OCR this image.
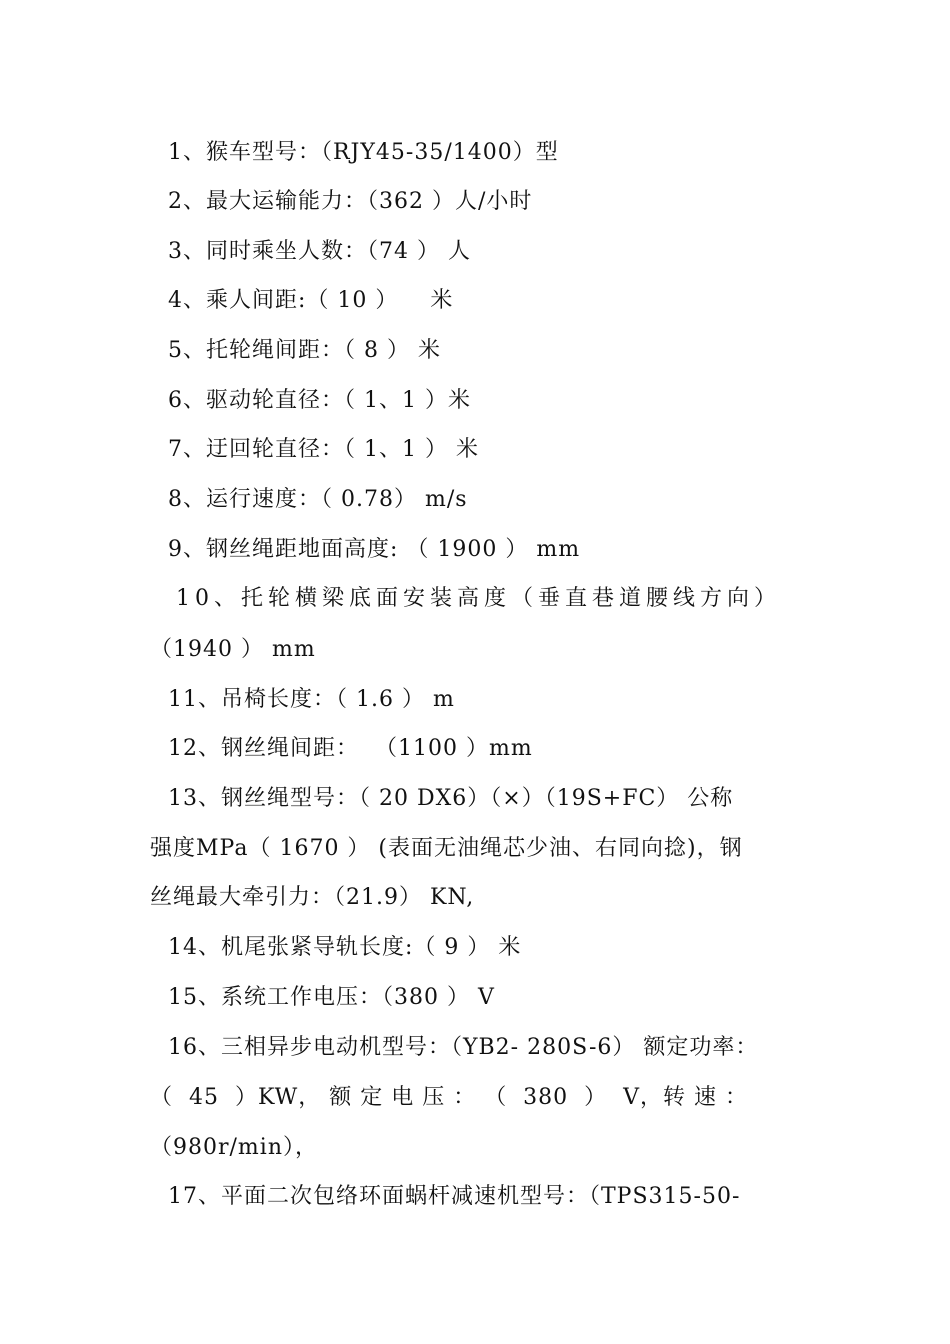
1、猴车型号：（RJY45-35/1400）型
2、最大运输能力：（362 ）人/小时
3、同时乘坐人数：（74 ） 人
4、乘人间距:（ 10 ）    米
5、托轮绳间距：（ 8 ） 米
6、驱动轮直径：（ 1、1 ）米
7、迂回轮直径：（ 1、1 ） 米
8、运行速度：（ 0.78） m/s
9、钢丝绳距地面高度: （ 1900 ） mm
10、托轮横梁底面安装高度（垂直巷道腰线方向）
（1940 ） mm
11、吊椅长度：（ 1.6 ） m
12、钢丝绳间距：  （1100 ）mm
13、钢丝绳型号：（ 20 DX6）（×）（19S+FC） 公称
强度MPa（ 1670 ） (表面无油绳芯少油、右同向捻)，钢
丝绳最大牵引力：（21.9） KN,
14、机尾张紧导轨长度:（ 9 ） 米
15、系统工作电压：（380 ） V
16、三相异步电动机型号：（YB2- 280S-6） 额定功率：
（  45  ）KW， 额 定 电 压 ： （  380  ）  V，转 速 ：
（980r/min），
17、平面二次包络环面蜗杆减速机型号：（TPS315-50-
